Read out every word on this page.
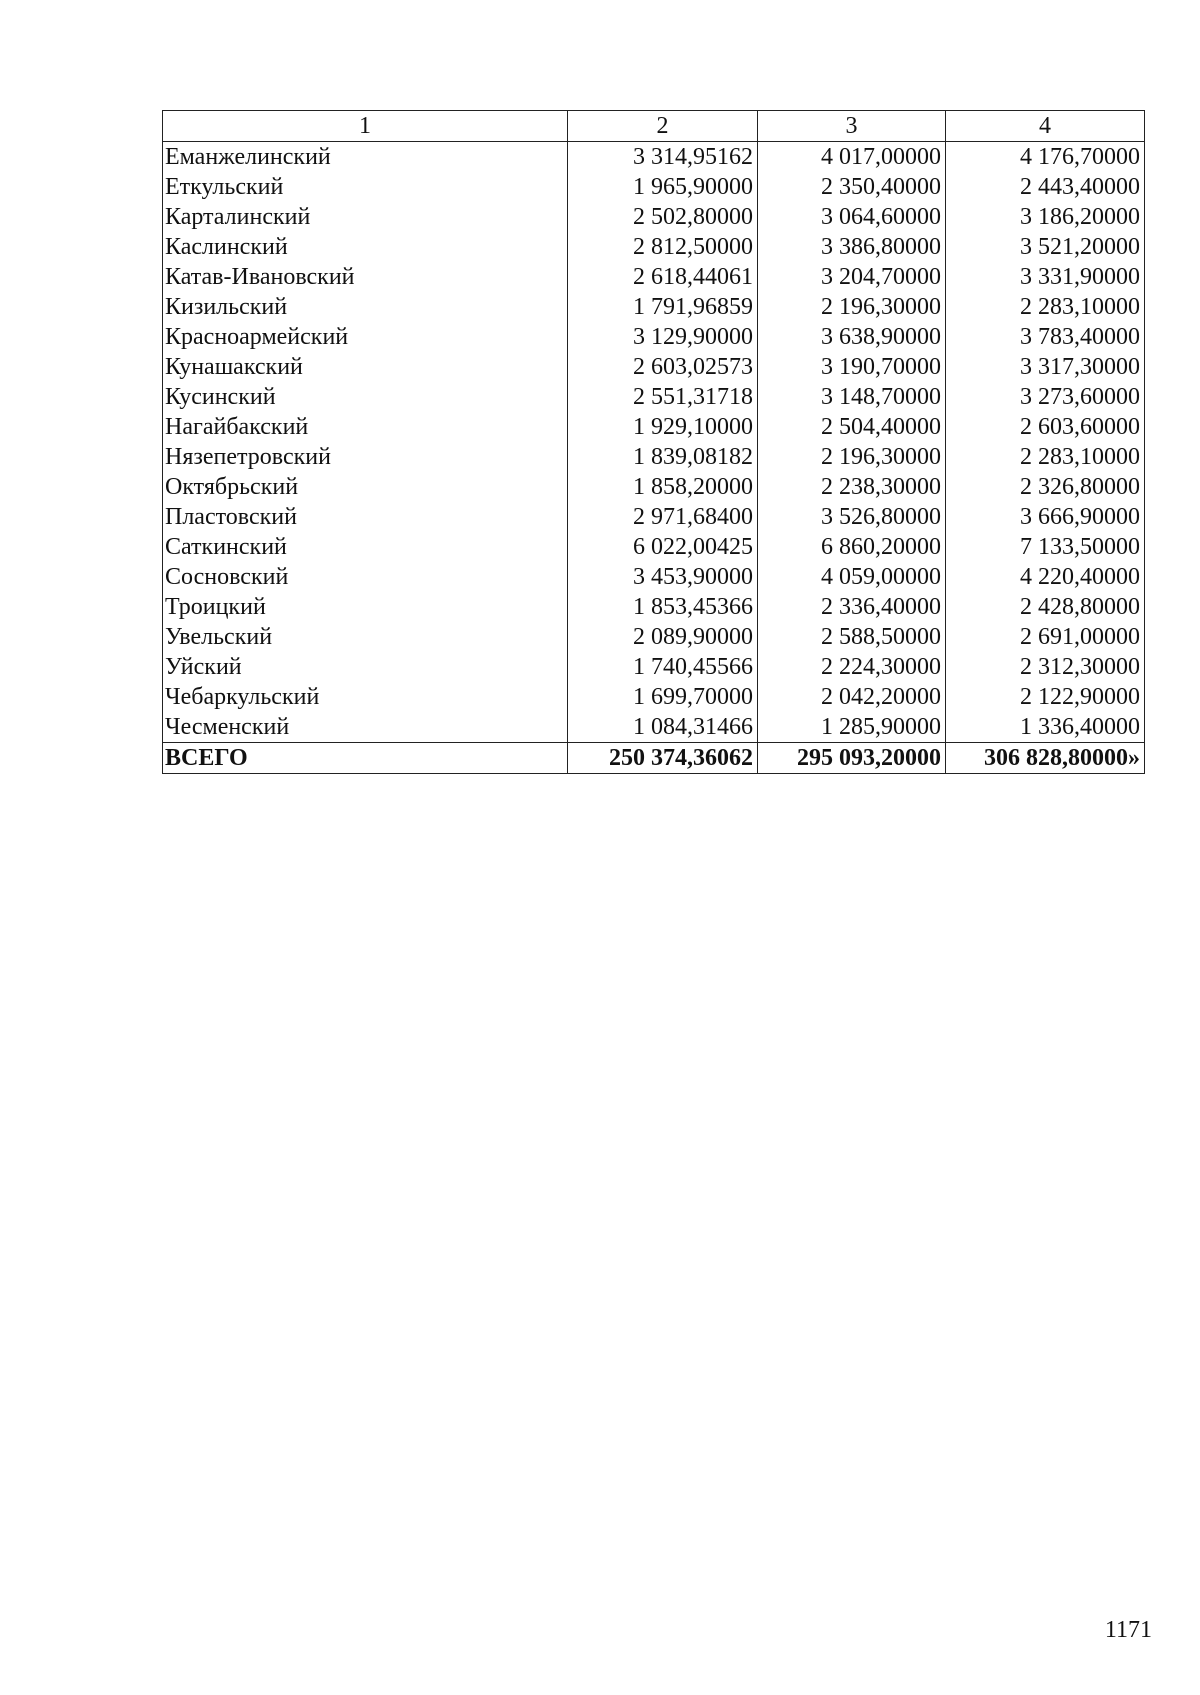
1	2	3	4
Еманжелинский	3 314,95162	4 017,00000	4 176,70000
Еткульский	1 965,90000	2 350,40000	2 443,40000
Карталинский	2 502,80000	3 064,60000	3 186,20000
Каслинский	2 812,50000	3 386,80000	3 521,20000
Катав-Ивановский	2 618,44061	3 204,70000	3 331,90000
Кизильский	1 791,96859	2 196,30000	2 283,10000
Красноармейский	3 129,90000	3 638,90000	3 783,40000
Кунашакский	2 603,02573	3 190,70000	3 317,30000
Кусинский	2 551,31718	3 148,70000	3 273,60000
Нагайбакский	1 929,10000	2 504,40000	2 603,60000
Нязепетровский	1 839,08182	2 196,30000	2 283,10000
Октябрьский	1 858,20000	2 238,30000	2 326,80000
Пластовский	2 971,68400	3 526,80000	3 666,90000
Саткинский	6 022,00425	6 860,20000	7 133,50000
Сосновский	3 453,90000	4 059,00000	4 220,40000
Троицкий	1 853,45366	2 336,40000	2 428,80000
Увельский	2 089,90000	2 588,50000	2 691,00000
Уйский	1 740,45566	2 224,30000	2 312,30000
Чебаркульский	1 699,70000	2 042,20000	2 122,90000
Чесменский	1 084,31466	1 285,90000	1 336,40000
ВСЕГО	250 374,36062	295 093,20000	306 828,80000»
1171
